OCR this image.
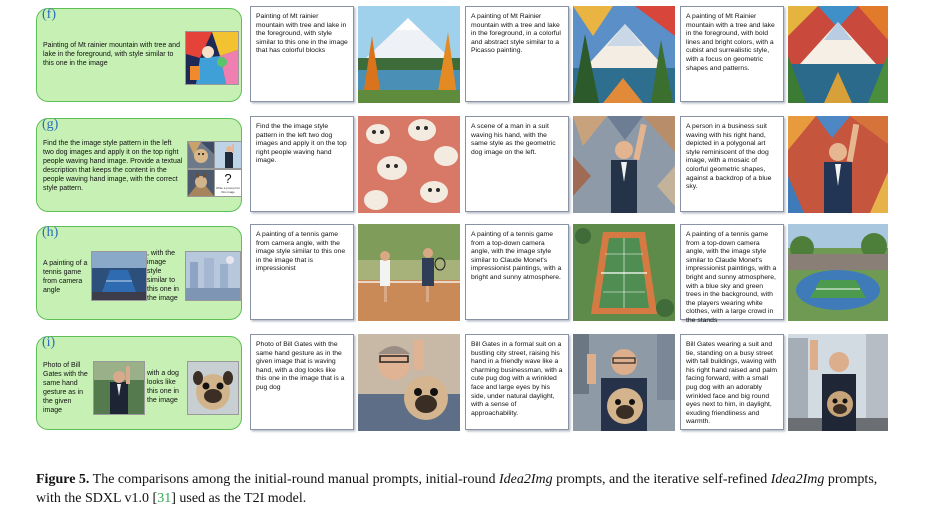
(f)
Painting of Mt rainier mountain with tree and lake in the foreground, with style similar to this one in the image
Painting of Mt rainier mountain with tree and lake in the foreground, with style similar to this one in the image that has colorful blocks
A painting of Mt Rainier mountain with a tree and lake in the foreground, in a colorful and abstract style similar to a Picasso painting.
A painting of Mt Rainier mountain with a tree and lake in the foreground, with bold lines and bright colors, with a cubist and surrealistic style, with a focus on geometric shapes and patterns.
(g)
Find the the image style pattern in the left two dog images and apply it on the top right people waving hand image. Provide a textual description that keeps the content in the people waving hand image, with the correct style pattern.
?
Write a prompt for this image
Find the the image style pattern in the left two dog images and apply it on the top right people waving hand image.
A scene of a man in a suit waving his hand, with the same style as the geometric dog image on the left.
A person in a business suit waving with his right hand, depicted in a polygonal art style reminiscent of the dog image, with a mosaic of colorful geometric shapes, against a backdrop of a blue sky.
(h)
A painting of a tennis game from camera angle
, with the image style similar to this one in the image
A painting of a tennis game from camera angle, with the image style similar to this one in the image that is impressionist
A painting of a tennis game from a top-down camera angle, with the image style similar to Claude Monet's impressionist paintings, with a bright and sunny atmosphere.
A painting of a tennis game from a top-down camera angle, with the image style similar to Claude Monet's impressionist paintings, with a bright and sunny atmosphere, with a blue sky and green trees in the background, with the players wearing white clothes, with a large crowd in the stands
(i)
Photo of Bill Gates with the same hand gesture as in the given image
with a dog looks like this one in the image
Photo of Bill Gates with the same hand gesture as in the given image that is waving hand, with a dog looks like this one in the image that is a pug dog
Bill Gates in a formal suit on a bustling city street, raising his hand in a friendly wave like a charming businessman, with a cute pug dog with a wrinkled face and large eyes by his side, under natural daylight, with a sense of approachability.
Bill Gates wearing a suit and tie, standing on a busy street with tall buildings, waving with his right hand raised and palm facing forward, with a small pug dog with an adorably wrinkled face and big round eyes next to him, in daylight, exuding friendliness and warmth.
Figure 5. The comparisons among the initial-round manual prompts, initial-round Idea2Img prompts, and the iterative self-refined Idea2Img prompts, with the SDXL v1.0 [31] used as the T2I model.
